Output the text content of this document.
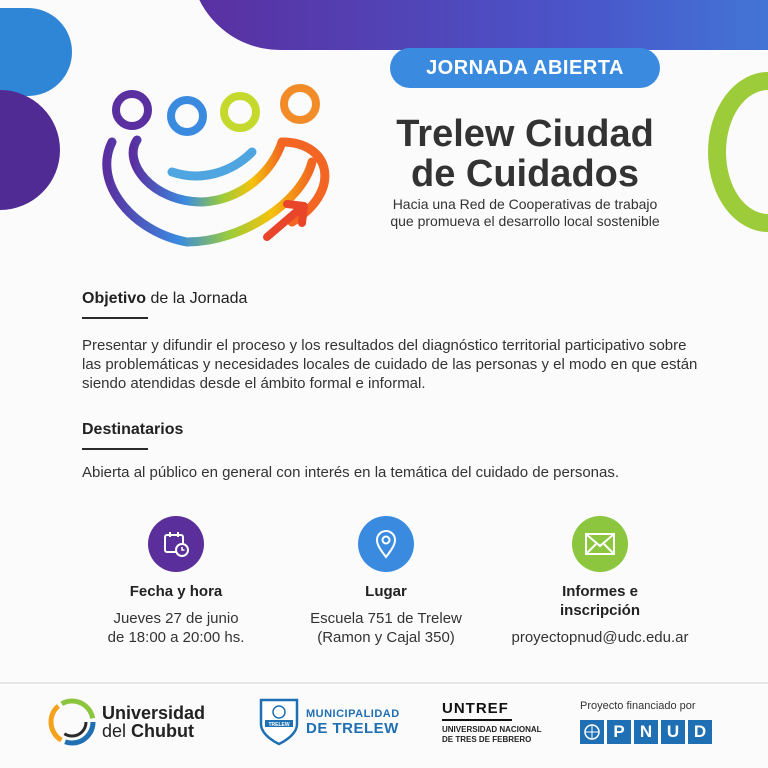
JORNADA ABIERTA
Trelew Ciudad
de Cuidados
Hacia una Red de Cooperativas de trabajo
que promueva el desarrollo local sostenible
Objetivo de la Jornada
Presentar y difundir el proceso y los resultados del diagnóstico territorial participativo sobre las problemáticas y necesidades locales de cuidado de las personas y el modo en que están siendo atendidas desde el ámbito formal e informal.
Destinatarios
Abierta al público en general con interés en la temática del cuidado de personas.
Fecha y hora
Jueves 27 de junio
de 18:00 a 20:00 hs.
Lugar
Escuela 751 de Trelew
(Ramon y Cajal 350)
Informes e
inscripción
proyectopnud@udc.edu.ar
Universidad
del Chubut	TRELEW
MUNICIPALIDAD
DE TRELEW
UNTREF
UNIVERSIDAD NACIONAL
DE TRES DE FEBRERO
Proyecto financiado por
P N U D
